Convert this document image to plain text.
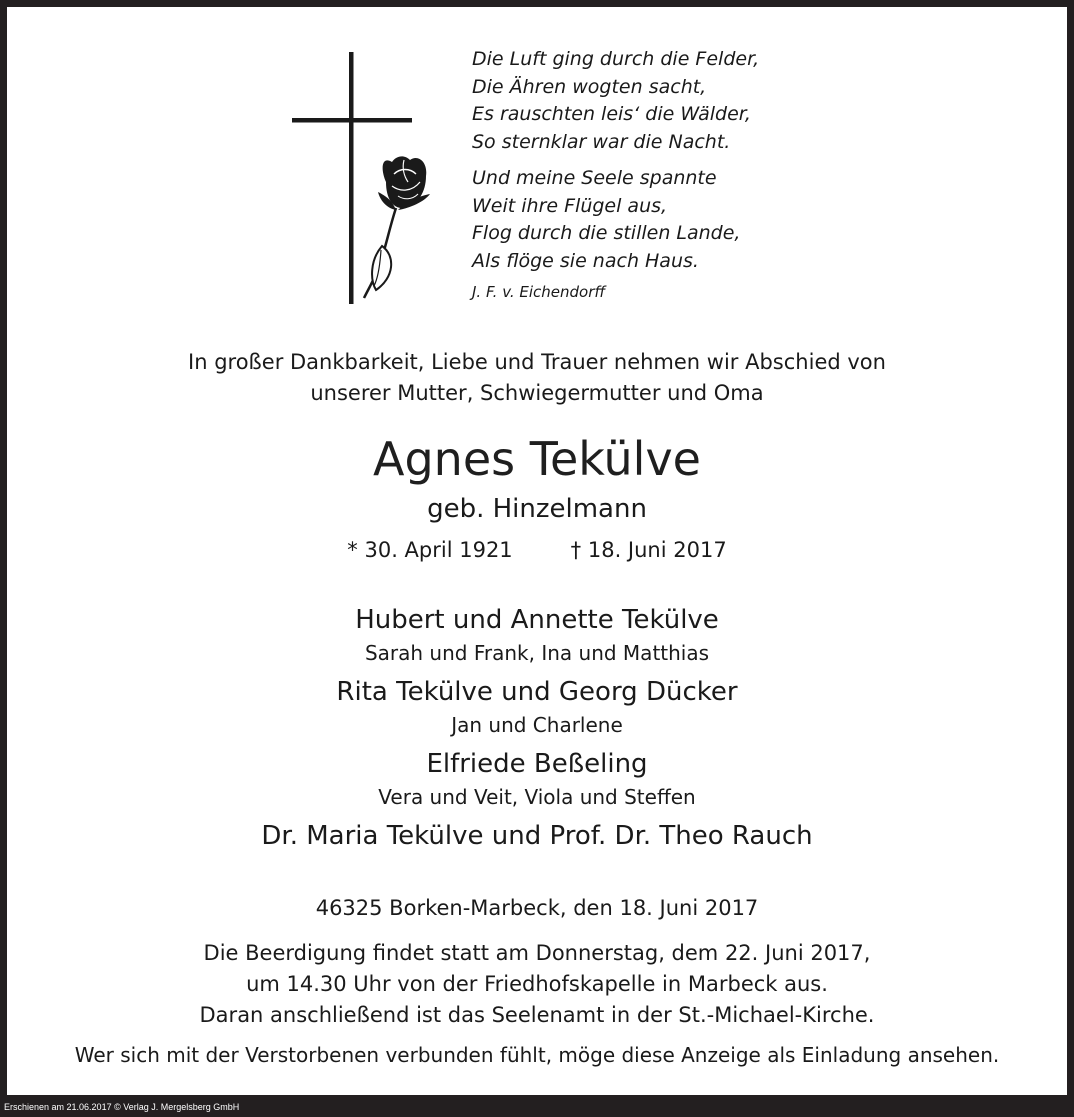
Erschienen am 21.06.2017 © Verlag J. Mergelsberg GmbH
Die Luft ging durch die Felder,
Die Ähren wogten sacht,
Es rauschten leis‘ die Wälder,
So sternklar war die Nacht.
Und meine Seele spannte
Weit ihre Flügel aus,
Flog durch die stillen Lande,
Als flöge sie nach Haus.
J. F. v. Eichendorff
In großer Dankbarkeit, Liebe und Trauer nehmen wir Abschied von
unserer Mutter, Schwiegermutter und Oma
Agnes Tekülve
geb. Hinzelmann
* 30. April 1921	† 18. Juni 2017
Hubert und Annette Tekülve
Sarah und Frank, Ina und Matthias
Rita Tekülve und Georg Dücker
Jan und Charlene
Elfriede Beßeling
Vera und Veit, Viola und Steffen
Dr. Maria Tekülve und Prof. Dr. Theo Rauch
46325 Borken-Marbeck, den 18. Juni 2017
Die Beerdigung findet statt am Donnerstag, dem 22. Juni 2017,
um 14.30 Uhr von der Friedhofskapelle in Marbeck aus.
Daran anschließend ist das Seelenamt in der St.-Michael-Kirche.
Wer sich mit der Verstorbenen verbunden fühlt, möge diese Anzeige als Einladung ansehen.
